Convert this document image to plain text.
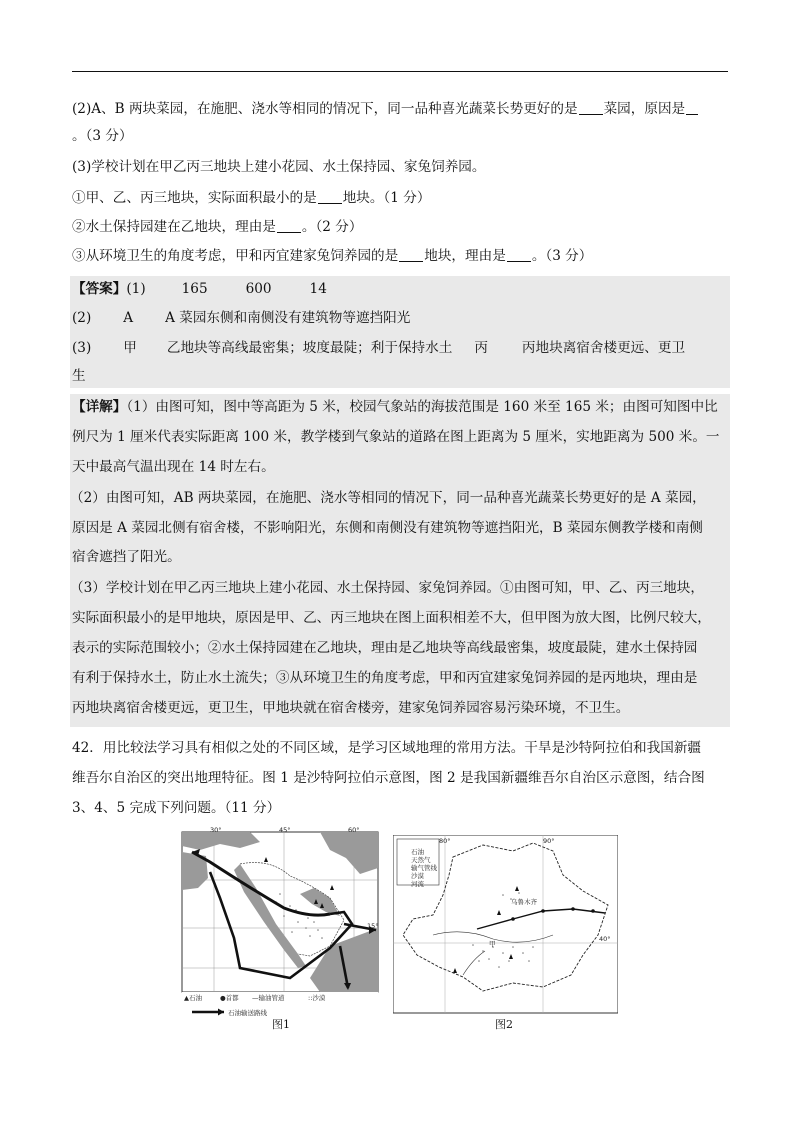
(2)A、B 两块菜园，在施肥、浇水等相同的情况下，同一品种喜光蔬菜长势更好的是 菜园，原因是
。（3 分）
(3)学校计划在甲乙丙三地块上建小花园、水土保持园、家兔饲养园。
①甲、乙、丙三地块，实际面积最小的是 地块。（1 分）
②水土保持园建在乙地块，理由是 。（2 分）
③从环境卫生的角度考虑，甲和丙宜建家兔饲养园的是 地块，理由是 。（3 分）
【答案】(1)	165	600	14
(2) A A 菜园东侧和南侧没有建筑物等遮挡阳光
(3) 甲 乙地块等高线最密集；坡度最陡；利于保持水土 丙	丙地块离宿舍楼更远、更卫
生
【详解】（1）由图可知，图中等高距为 5 米，校园气象站的海拔范围是 160 米至 165 米；由图可知图中比
例尺为 1 厘米代表实际距离 100 米，教学楼到气象站的道路在图上距离为 5 厘米，实地距离为 500 米。一
天中最高气温出现在 14 时左右。
（2）由图可知，AB 两块菜园，在施肥、浇水等相同的情况下，同一品种喜光蔬菜长势更好的是 A 菜园，
原因是 A 菜园北侧有宿舍楼，不影响阳光，东侧和南侧没有建筑物等遮挡阳光，B 菜园东侧教学楼和南侧
宿舍遮挡了阳光。
（3）学校计划在甲乙丙三地块上建小花园、水土保持园、家兔饲养园。①由图可知，甲、乙、丙三地块，
实际面积最小的是甲地块，原因是甲、乙、丙三地块在图上面积相差不大，但甲图为放大图，比例尺较大，
表示的实际范围较小；②水土保持园建在乙地块，理由是乙地块等高线最密集，坡度最陡，建水土保持园
有利于保持水土，防止水土流失；③从环境卫生的角度考虑，甲和丙宜建家兔饲养园的是丙地块，理由是
丙地块离宿舍楼更远，更卫生，甲地块就在宿舍楼旁，建家兔饲养园容易污染环境，不卫生。
42．用比较法学习具有相似之处的不同区域，是学习区域地理的常用方法。干旱是沙特阿拉伯和我国新疆
维吾尔自治区的突出地理特征。图 1 是沙特阿拉伯示意图，图 2 是我国新疆维吾尔自治区示意图，结合图
3、4、5 完成下列问题。（11 分）
30°	45°	60°
15°
▲石油	●首都 —输油管道	::沙漠
石油输送路线
图1
石油
天然气
输气管线
沙漠
河流
80°	90°
40°
乌鲁木齐
甲
图2
